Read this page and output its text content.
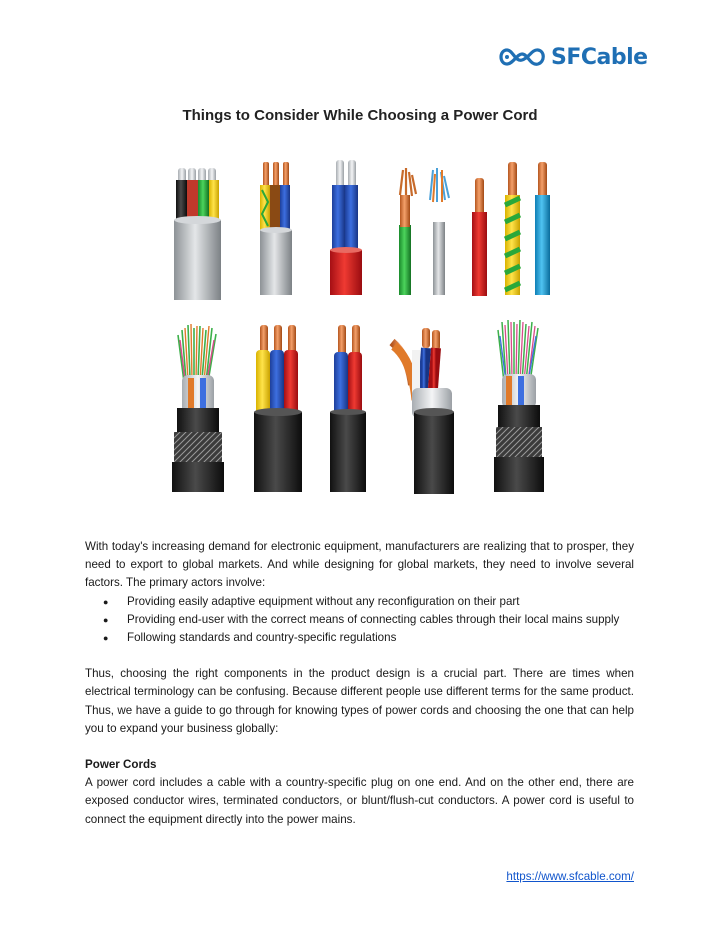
SFCable
Things to Consider While Choosing a Power Cord

With today's increasing demand for electronic equipment, manufacturers are realizing that to prosper, they need to export to global markets. And while designing for global markets, they need to involve several factors. The primary actors involve:

● Providing easily adaptive equipment without any reconfiguration on their part
● Providing end-user with the correct means of connecting cables through their local mains supply
● Following standards and country-specific regulations

Thus, choosing the right components in the product design is a crucial part. There are times when electrical terminology can be confusing. Because different people use different terms for the same product. Thus, we have a guide to go through for knowing types of power cords and choosing the one that can help you to expand your business globally:

Power Cords

A power cord includes a cable with a country-specific plug on one end. And on the other end, there are exposed conductor wires, terminated conductors, or blunt/flush-cut conductors. A power cord is useful to connect the equipment directly into the power mains.

https://www.sfcable.com/
